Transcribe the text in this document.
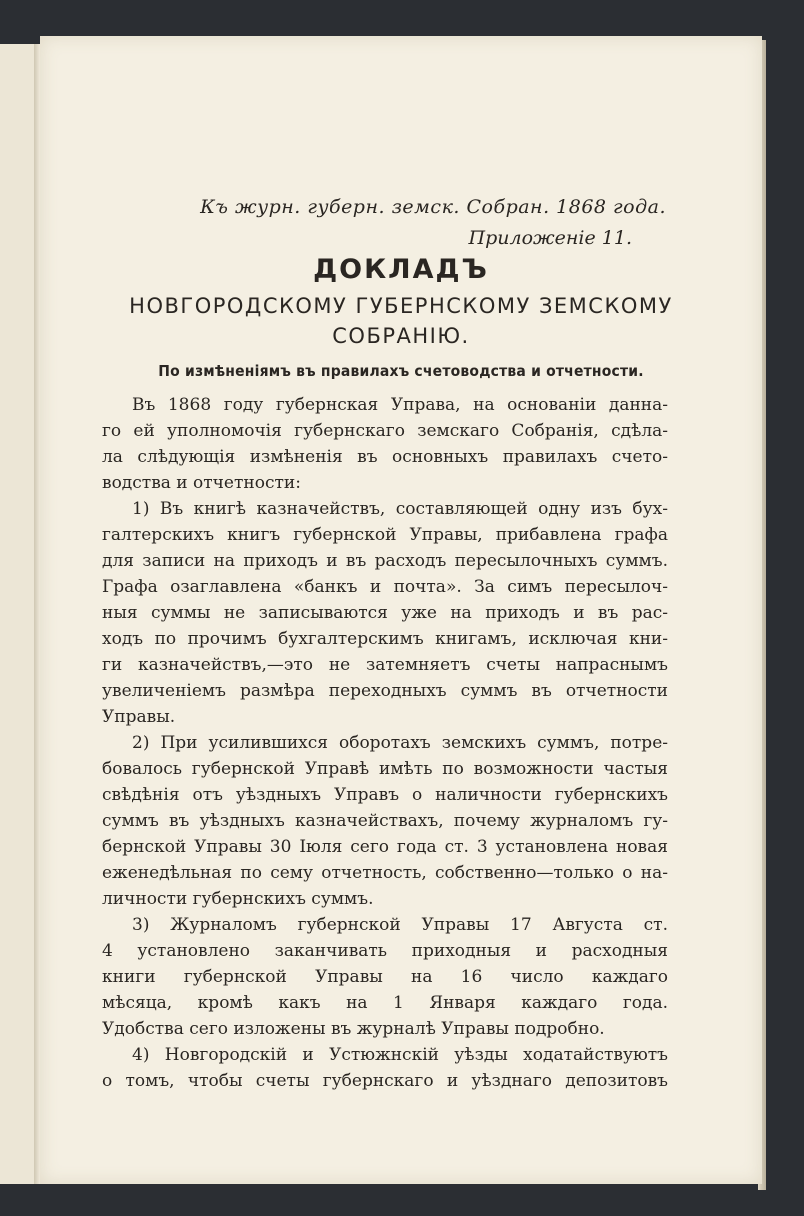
Къ журн. губерн. земск. Собран. 1868 года.
Приложенiе 11.
ДОКЛАДЪ
НОВГОРОДСКОМУ ГУБЕРНСКОМУ ЗЕМСКОМУ
СОБРАНIЮ.
По измѣненiямъ въ правилахъ счетоводства и отчетности.
Въ 1868 году губернская Управа, на основанiи данна-
го ей уполномочiя губернскаго земскаго Собранiя, сдѣла-
ла слѣдующiя измѣненiя въ основныхъ правилахъ счето-
водства и отчетности:
1) Въ книгѣ казначействъ, составляющей одну изъ бух-
галтерскихъ книгъ губернской Управы, прибавлена графа
для записи на приходъ и въ расходъ пересылочныхъ суммъ.
Графа озаглавлена «банкъ и почта». За симъ пересылоч-
ныя суммы не записываются уже на приходъ и въ рас-
ходъ по прочимъ бухгалтерскимъ книгамъ, исключая кни-
ги казначействъ,—это не затемняетъ счеты напраснымъ
увеличенiемъ размѣра переходныхъ суммъ въ отчетности
Управы.
2) При усилившихся оборотахъ земскихъ суммъ, потре-
бовалось губернской Управѣ имѣть по возможности частыя
свѣдѣнiя отъ уѣздныхъ Управъ о наличности губернскихъ
суммъ въ уѣздныхъ казначействахъ, почему журналомъ гу-
бернской Управы 30 Iюля сего года ст. 3 установлена новая
еженедѣльная по сему отчетность, собственно—только о на-
личности губернскихъ суммъ.
3) Журналомъ губернской Управы 17 Августа ст.
4 установлено заканчивать приходныя и расходныя
книги губернской Управы на 16 число каждаго
мѣсяца, кромѣ какъ на 1 Января каждаго года.
Удобства сего изложены въ журналѣ Управы подробно.
4) Новгородскiй и Устюжнскiй уѣзды ходатайствуютъ
о томъ, чтобы счеты губернскаго и уѣзднаго депозитовъ
